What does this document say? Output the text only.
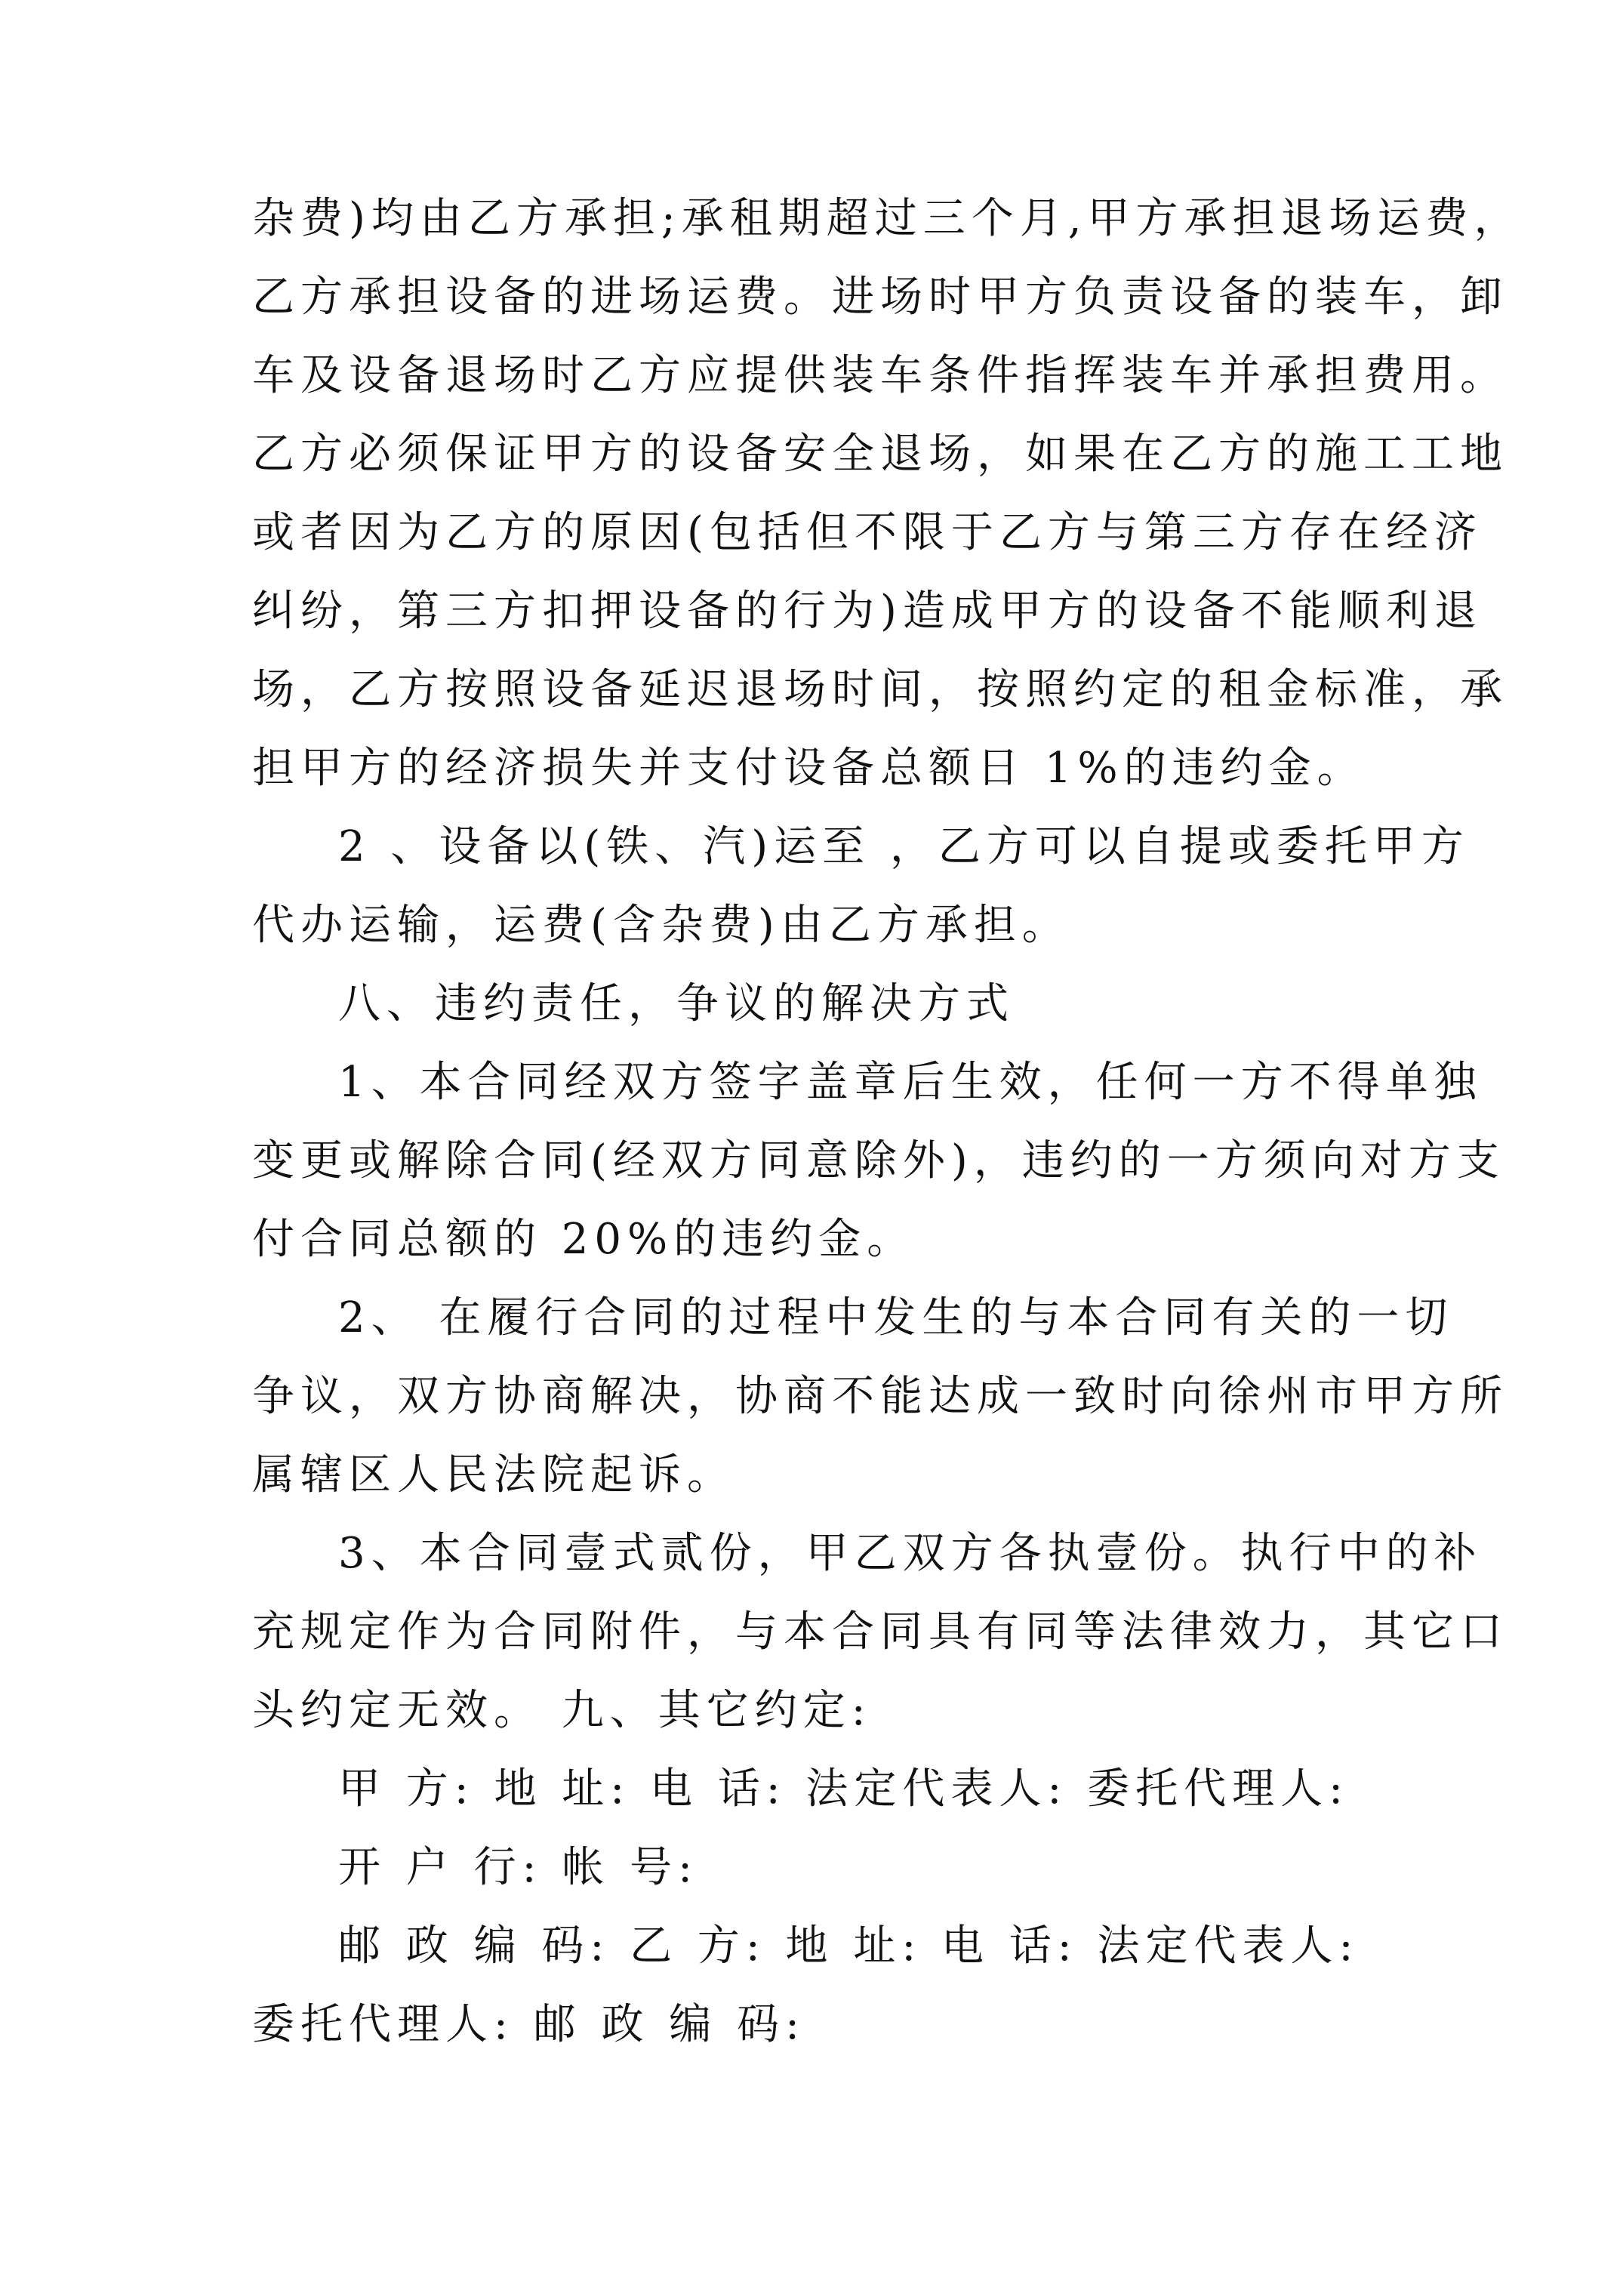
杂费)均由乙方承担;承租期超过三个月,甲方承担退场运费，
乙方承担设备的进场运费。进场时甲方负责设备的装车，卸
车及设备退场时乙方应提供装车条件指挥装车并承担费用。
乙方必须保证甲方的设备安全退场，如果在乙方的施工工地
或者因为乙方的原因(包括但不限于乙方与第三方存在经济
纠纷，第三方扣押设备的行为)造成甲方的设备不能顺利退
场，乙方按照设备延迟退场时间，按照约定的租金标准，承
担甲方的经济损失并支付设备总额日 1%的违约金。
2 、设备以(铁、汽)运至 ，乙方可以自提或委托甲方
代办运输，运费(含杂费)由乙方承担。
八、违约责任，争议的解决方式
1、本合同经双方签字盖章后生效，任何一方不得单独
变更或解除合同(经双方同意除外)，违约的一方须向对方支
付合同总额的 20%的违约金。
2、 在履行合同的过程中发生的与本合同有关的一切
争议，双方协商解决，协商不能达成一致时向徐州市甲方所
属辖区人民法院起诉。
3、本合同壹式贰份，甲乙双方各执壹份。执行中的补
充规定作为合同附件，与本合同具有同等法律效力，其它口
头约定无效。 九、其它约定:
甲 方: 地 址: 电 话: 法定代表人: 委托代理人:
开 户 行: 帐 号:
邮 政 编 码: 乙 方: 地 址: 电 话: 法定代表人:
委托代理人: 邮 政 编 码:
